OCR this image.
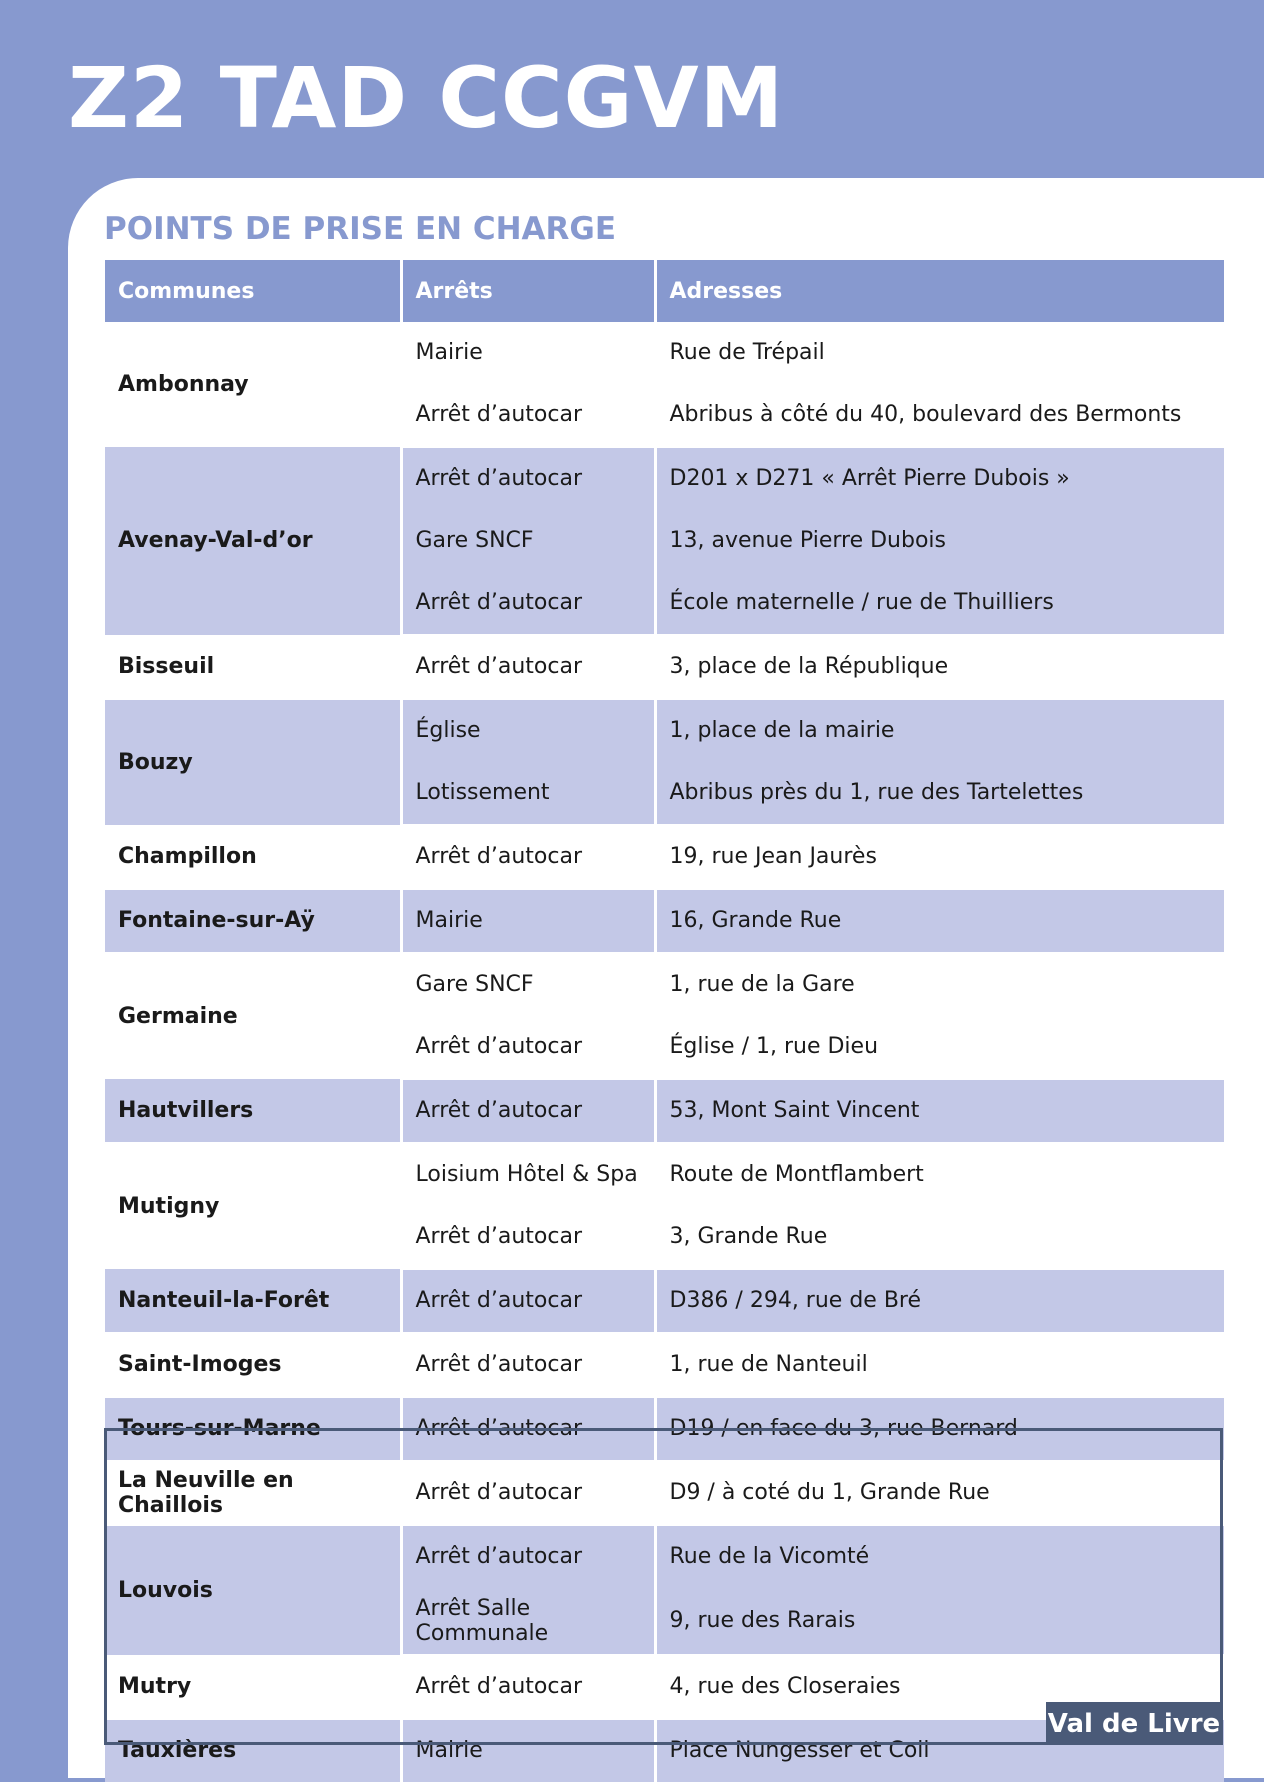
Z2 TAD CCGVM
POINTS DE PRISE EN CHARGE
Communes	Arrêts	Adresses
Ambonnay	Mairie	Rue de Trépail
	Arrêt d’autocar	Abribus à côté du 40, boulevard des Bermonts
Avenay-Val-d’or	Arrêt d’autocar	D201 x D271 « Arrêt Pierre Dubois »
	Gare SNCF	13, avenue Pierre Dubois
	Arrêt d’autocar	École maternelle / rue de Thuilliers
Bisseuil	Arrêt d’autocar	3, place de la République
Bouzy	Église	1, place de la mairie
	Lotissement	Abribus près du 1, rue des Tartelettes
Champillon	Arrêt d’autocar	19, rue Jean Jaurès
Fontaine-sur-Aÿ	Mairie	16, Grande Rue
Germaine	Gare SNCF	1, rue de la Gare
	Arrêt d’autocar	Église / 1, rue Dieu
Hautvillers	Arrêt d’autocar	53, Mont Saint Vincent
Mutigny	Loisium Hôtel & Spa	Route de Montflambert
	Arrêt d’autocar	3, Grande Rue
Nanteuil-la-Forêt	Arrêt d’autocar	D386 / 294, rue de Bré
Saint-Imoges	Arrêt d’autocar	1, rue de Nanteuil
Tours-sur-Marne	Arrêt d’autocar	D19 / en face du 3, rue Bernard
La Neuville en Chaillois	Arrêt d’autocar	D9 / à coté du 1, Grande Rue
Louvois	Arrêt d’autocar	Rue de la Vicomté
	Arrêt Salle Communale	9, rue des Rarais
Mutry	Arrêt d’autocar	4, rue des Closeraies
Tauxières	Mairie	Place Nungesser et Coli
Val de Livre
